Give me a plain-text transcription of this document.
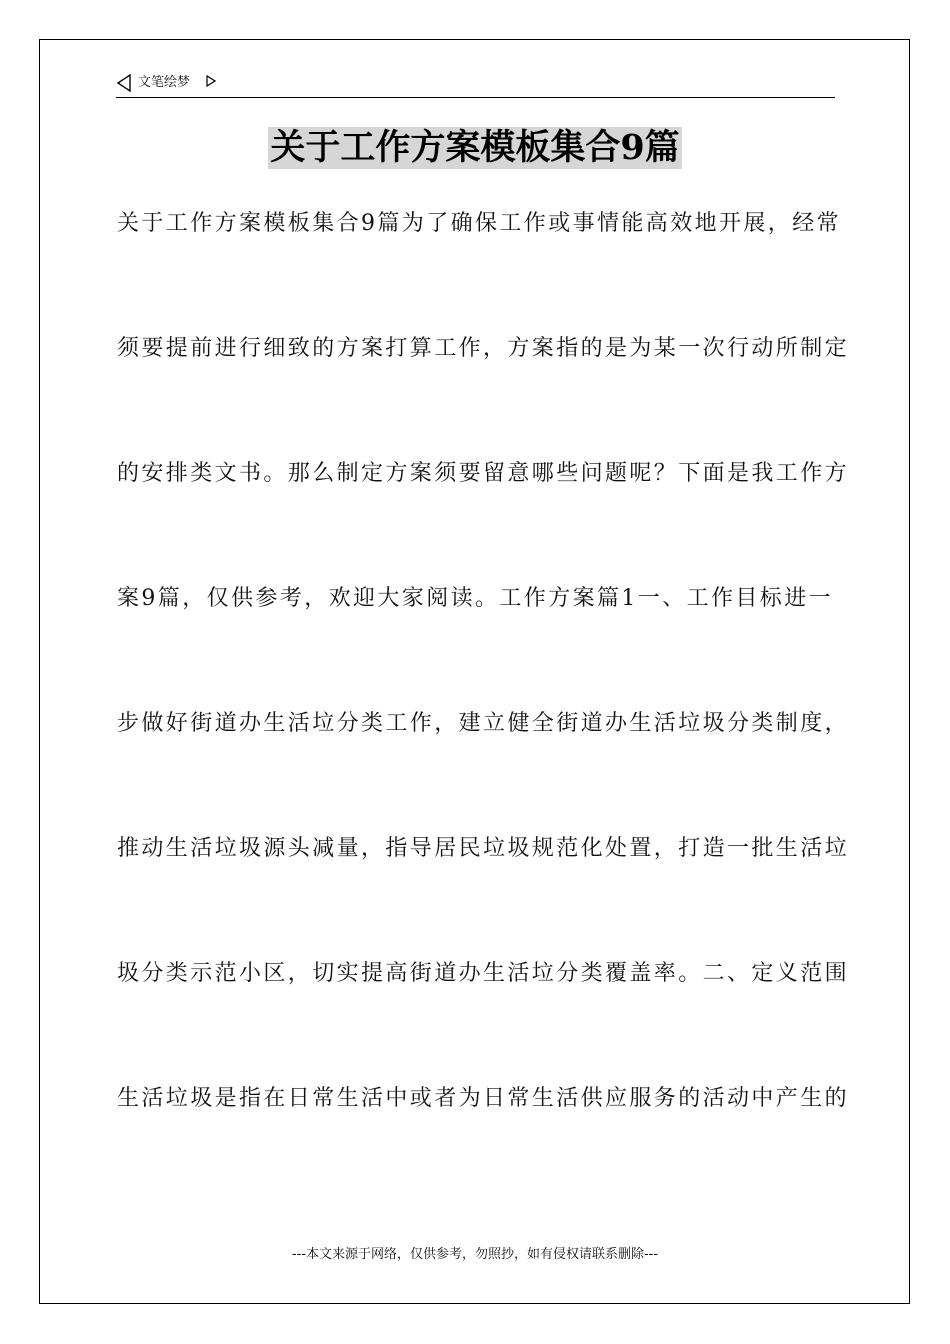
文笔绘梦
关于工作方案模板集合9篇
关于工作方案模板集合9篇为了确保工作或事情能高效地开展，经常
须要提前进行细致的方案打算工作，方案指的是为某一次行动所制定
的安排类文书。那么制定方案须要留意哪些问题呢？下面是我工作方
案9篇，仅供参考，欢迎大家阅读。工作方案篇1一、工作目标进一
步做好街道办生活垃分类工作，建立健全街道办生活垃圾分类制度，
推动生活垃圾源头减量，指导居民垃圾规范化处置，打造一批生活垃
圾分类示范小区，切实提高街道办生活垃分类覆盖率。二、定义范围
生活垃圾是指在日常生活中或者为日常生活供应服务的活动中产生的
---本文来源于网络，仅供参考，勿照抄，如有侵权请联系删除---
